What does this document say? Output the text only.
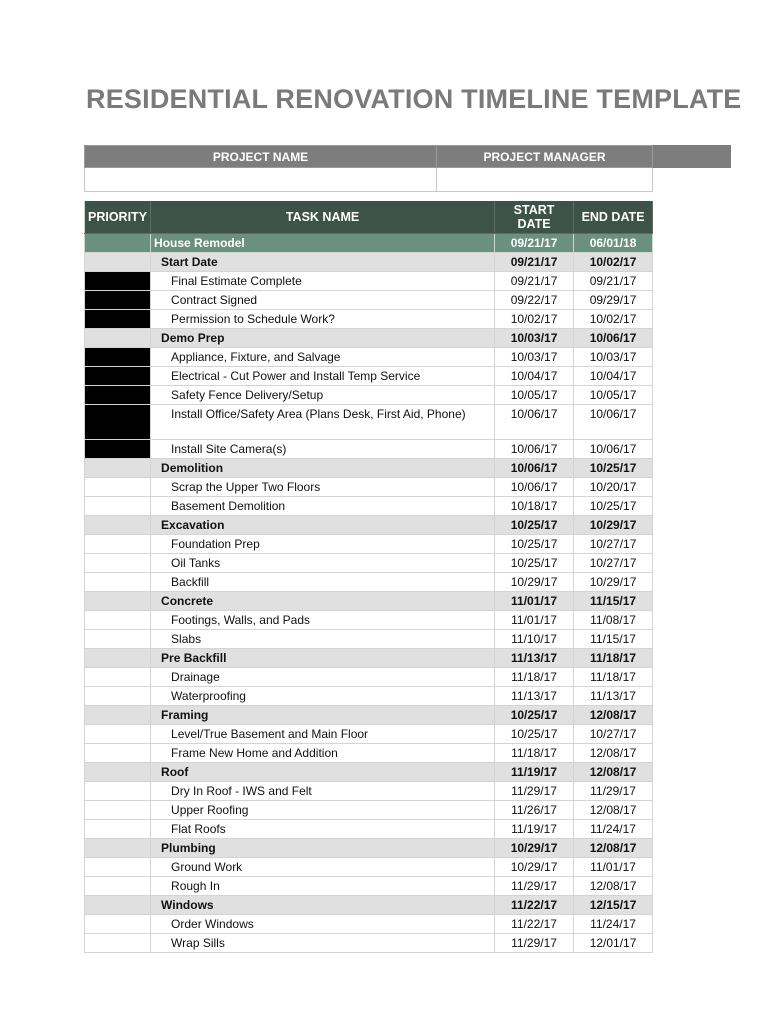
RESIDENTIAL RENOVATION TIMELINE TEMPLATE
PROJECT NAME	PROJECT MANAGER

PRIORITY	TASK NAME	START DATE	END DATE
	House Remodel	09/21/17	06/01/18
	Start Date	09/21/17	10/02/17
	Final Estimate Complete	09/21/17	09/21/17
	Contract Signed	09/22/17	09/29/17
	Permission to Schedule Work?	10/02/17	10/02/17
	Demo Prep	10/03/17	10/06/17
	Appliance, Fixture, and Salvage	10/03/17	10/03/17
	Electrical - Cut Power and Install Temp Service	10/04/17	10/04/17
	Safety Fence Delivery/Setup	10/05/17	10/05/17
	Install Office/Safety Area (Plans Desk, First Aid, Phone)	10/06/17	10/06/17
	Install Site Camera(s)	10/06/17	10/06/17
	Demolition	10/06/17	10/25/17
	Scrap the Upper Two Floors	10/06/17	10/20/17
	Basement Demolition	10/18/17	10/25/17
	Excavation	10/25/17	10/29/17
	Foundation Prep	10/25/17	10/27/17
	Oil Tanks	10/25/17	10/27/17
	Backfill	10/29/17	10/29/17
	Concrete	11/01/17	11/15/17
	Footings, Walls, and Pads	11/01/17	11/08/17
	Slabs	11/10/17	11/15/17
	Pre Backfill	11/13/17	11/18/17
	Drainage	11/18/17	11/18/17
	Waterproofing	11/13/17	11/13/17
	Framing	10/25/17	12/08/17
	Level/True Basement and Main Floor	10/25/17	10/27/17
	Frame New Home and Addition	11/18/17	12/08/17
	Roof	11/19/17	12/08/17
	Dry In Roof - IWS and Felt	11/29/17	11/29/17
	Upper Roofing	11/26/17	12/08/17
	Flat Roofs	11/19/17	11/24/17
	Plumbing	10/29/17	12/08/17
	Ground Work	10/29/17	11/01/17
	Rough In	11/29/17	12/08/17
	Windows	11/22/17	12/15/17
	Order Windows	11/22/17	11/24/17
	Wrap Sills	11/29/17	12/01/17
